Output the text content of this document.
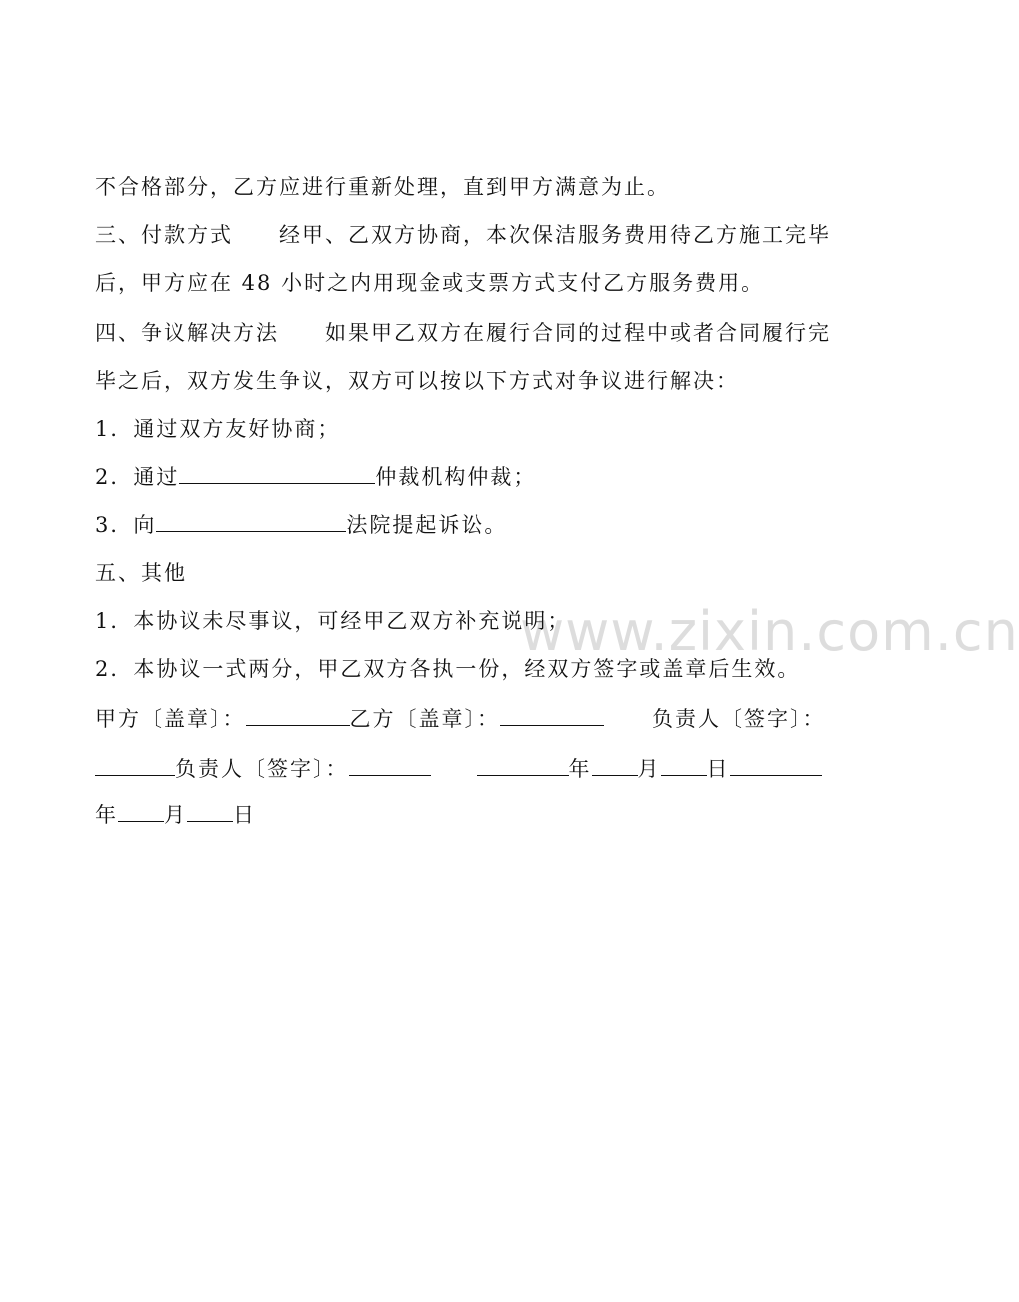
www.zixin.com.cn
不合格部分，乙方应进行重新处理，直到甲方满意为止。
三、付款方式 经甲、乙双方协商，本次保洁服务费用待乙方施工完毕
后，甲方应在 48 小时之内用现金或支票方式支付乙方服务费用。
四、争议解决方法 如果甲乙双方在履行合同的过程中或者合同履行完
毕之后，双方发生争议，双方可以按以下方式对争议进行解决：
1．通过双方友好协商；
2．通过	仲裁机构仲裁；
3．向	法院提起诉讼。
五、其他
1．本协议未尽事议，可经甲乙双方补充说明；
2．本协议一式两分，甲乙双方各执一份，经双方签字或盖章后生效。
甲方〔盖章〕：	乙方〔盖章〕：	负责人〔签字〕：
负责人〔签字〕：	年 月 日
年 月 日
